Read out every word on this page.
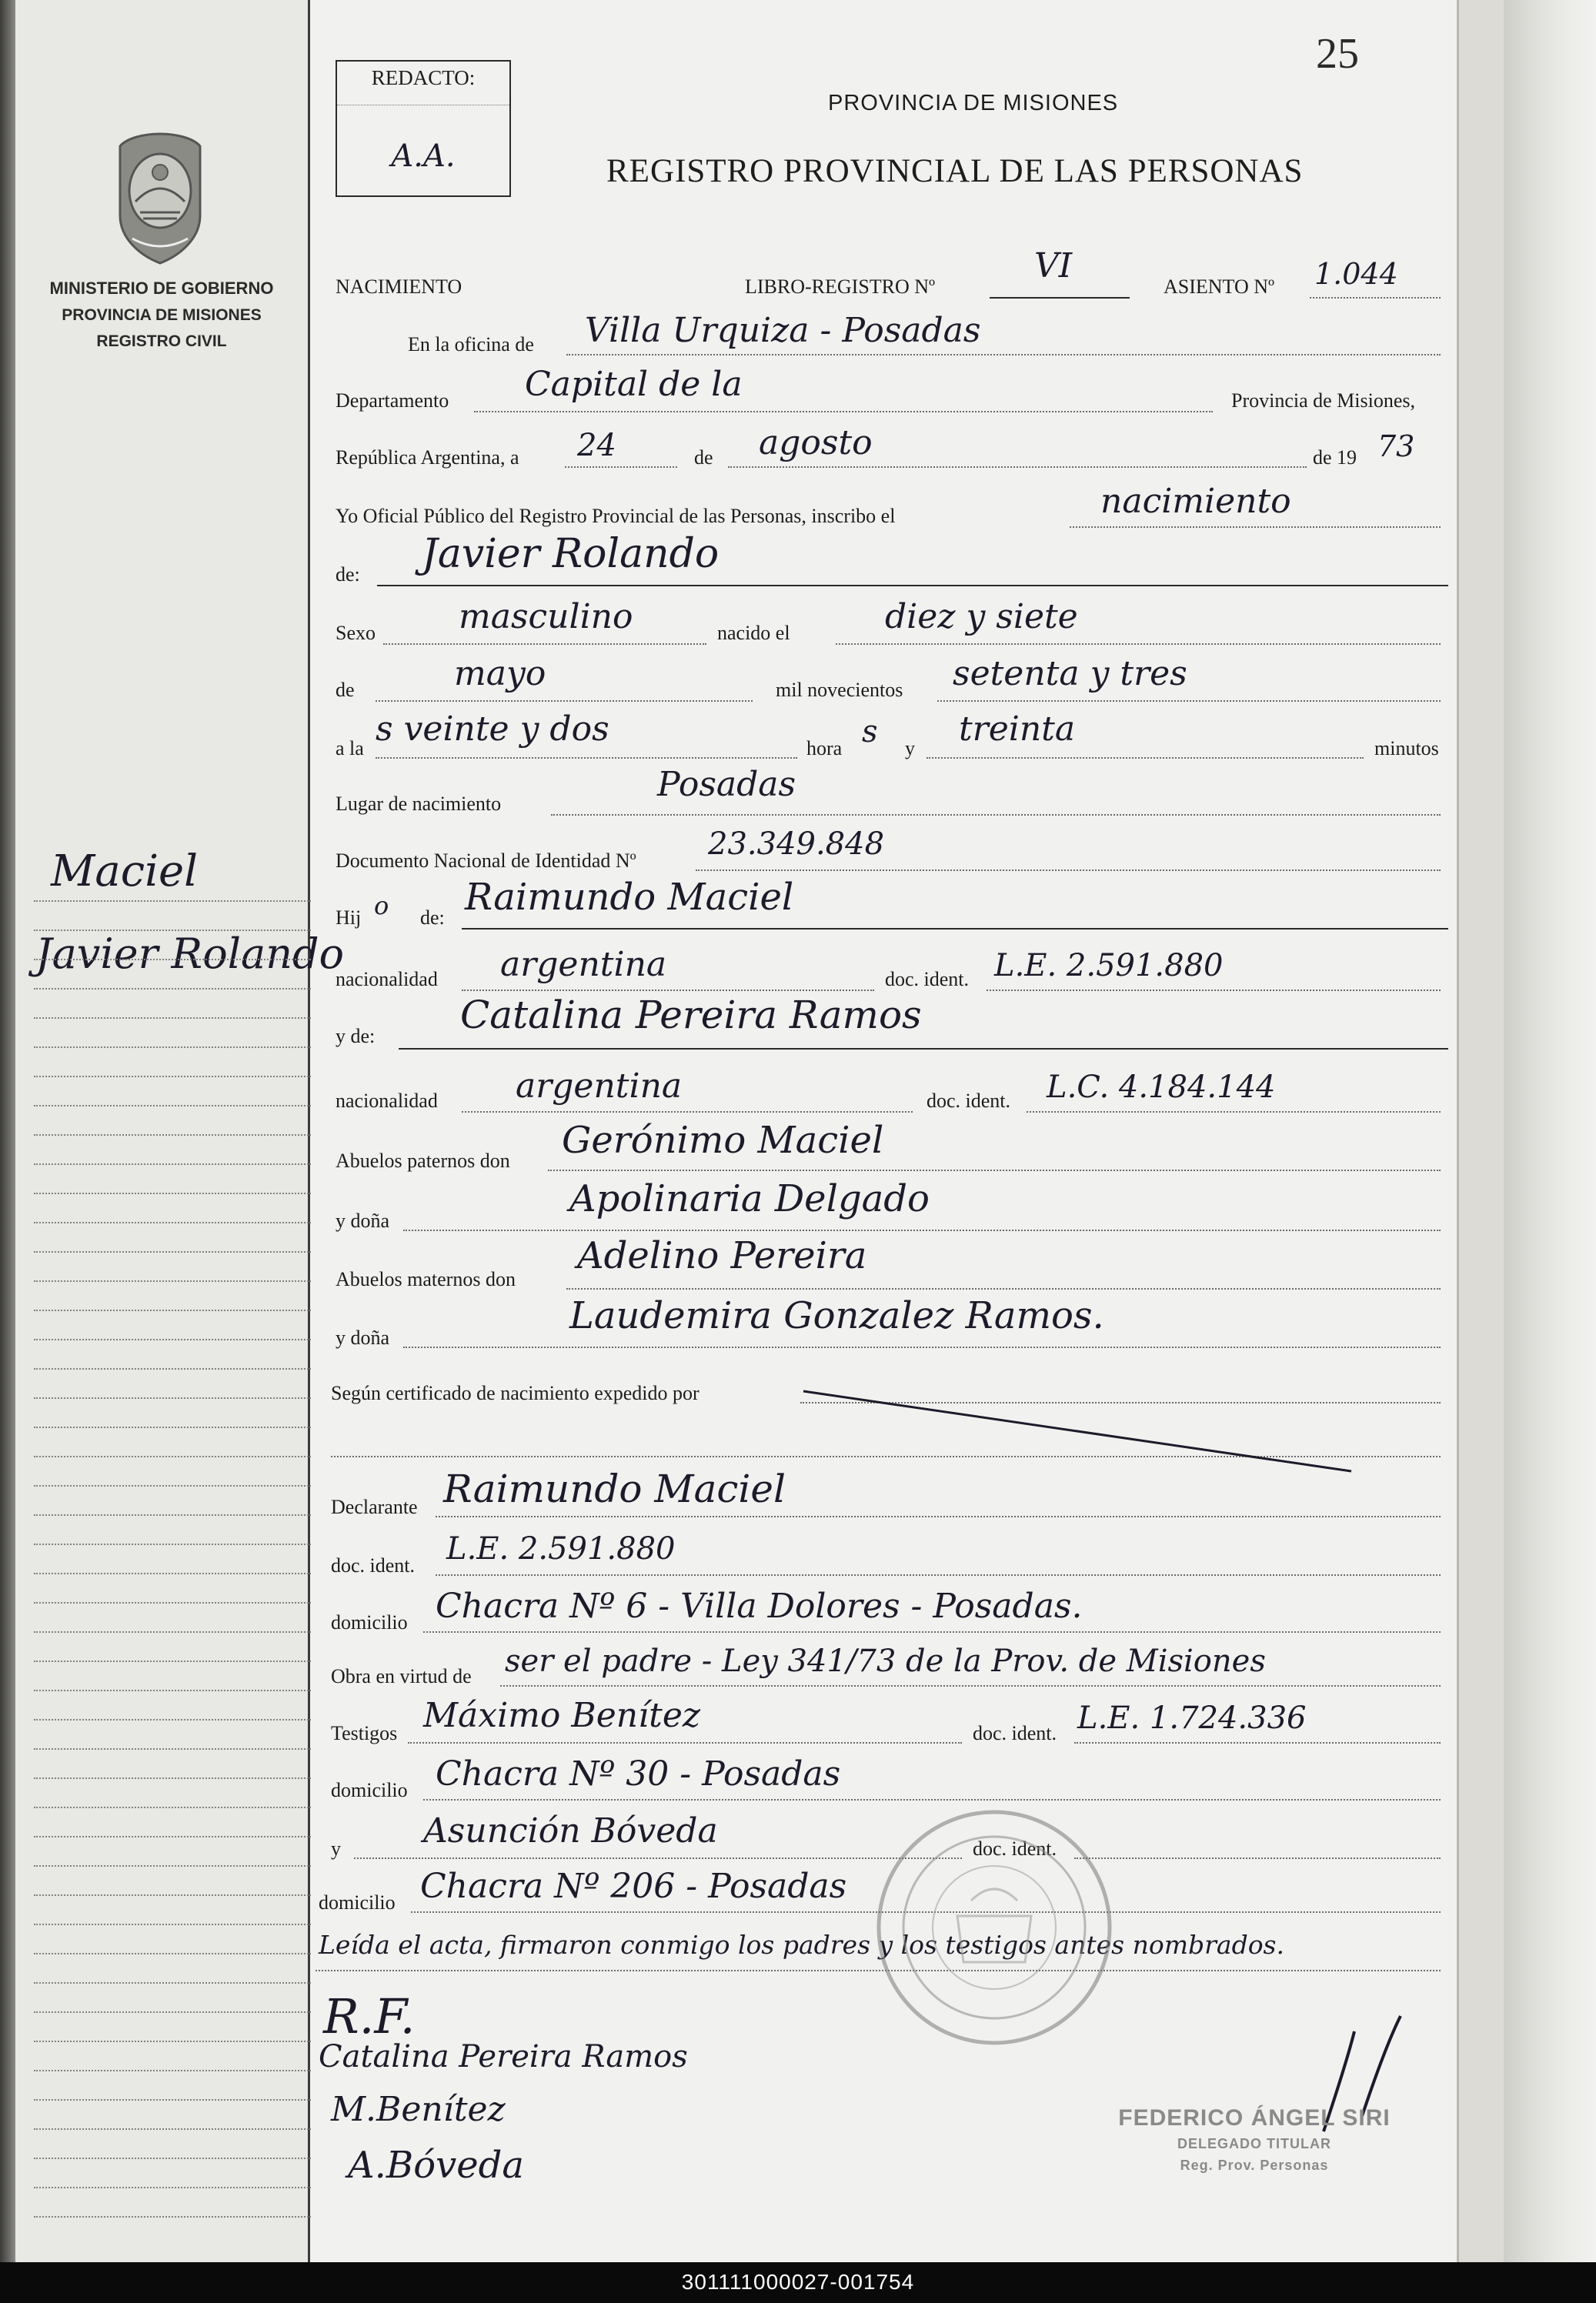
MINISTERIO DE GOBIERNO
PROVINCIA DE MISIONES
REGISTRO CIVIL
Maciel
Javier Rolando
REDACTO:
A.A.
25
PROVINCIA DE MISIONES
REGISTRO PROVINCIAL DE LAS PERSONAS
NACIMIENTO	LIBRO-REGISTRO Nº
VI
ASIENTO Nº 1.044
En la oficina de Villa Urquiza - Posadas
Departamento Capital de la	Provincia de Misiones,
República Argentina, a 24	de agosto	de 19 73
Yo Oficial Público del Registro Provincial de las Personas, inscribo el	nacimiento
de: Javier Rolando
Sexo masculino	nacido el	diez y siete
de	mayo	mil novecientos setenta y tres
a la s veinte y dos	hora s y treinta	minutos
Lugar de nacimiento	Posadas
Documento Nacional de Identidad Nº 23.349.848
Hij o de: Raimundo Maciel
nacionalidad argentina	doc. ident. L.E. 2.591.880
y de: Catalina Pereira Ramos
nacionalidad argentina	doc. ident. L.C. 4.184.144
Abuelos paternos don Gerónimo Maciel
y doña
Apolinaria Delgado
Abuelos maternos don
Adelino Pereira
y doña
Laudemira Gonzalez Ramos.
Según certificado de nacimiento expedido por
Declarante Raimundo Maciel
doc. ident. L.E. 2.591.880
domicilio Chacra Nº 6 - Villa Dolores - Posadas.
Obra en virtud de ser el padre - Ley 341/73 de la Prov. de Misiones
Testigos Máximo Benítez	doc. ident. L.E. 1.724.336
domicilio Chacra Nº 30 - Posadas
y Asunción Bóveda	doc. ident.
domicilio Chacra Nº 206 - Posadas
Leída el acta, firmaron conmigo los padres y los testigos antes nombrados.
R.F.
Catalina Pereira Ramos
M.Benítez
A.Bóveda
FEDERICO ÁNGEL SIRI
DELEGADO TITULAR
Reg. Prov. Personas
301111000027-001754
